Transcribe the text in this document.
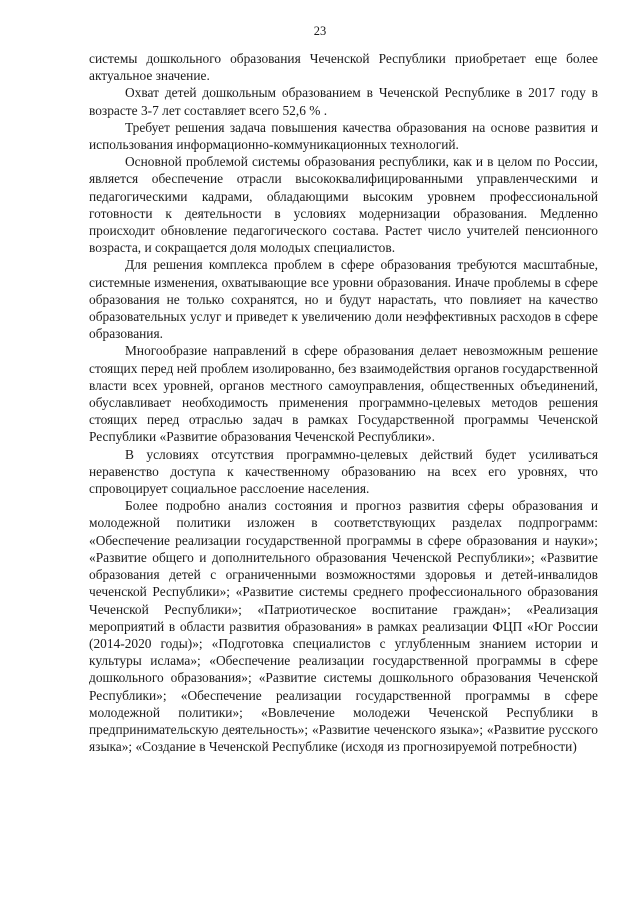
23

системы дошкольного образования Чеченской Республики приобретает еще более актуальное значение.

Охват детей дошкольным образованием в Чеченской Республике в 2017 году в возрасте 3-7 лет составляет всего 52,6 % .

Требует решения задача повышения качества образования на основе развития и использования информационно-коммуникационных технологий.

Основной проблемой системы образования республики, как и в целом по России, является обеспечение отрасли высококвалифицированными управленческими и педагогическими кадрами, обладающими высоким уровнем профессиональной готовности к деятельности в условиях модернизации образования. Медленно происходит обновление педагогического состава. Растет число учителей пенсионного возраста, и сокращается доля молодых специалистов.

Для решения комплекса проблем в сфере образования требуются масштабные, системные изменения, охватывающие все уровни образования. Иначе проблемы в сфере образования не только сохранятся, но и будут нарастать, что повлияет на качество образовательных услуг и приведет к увеличению доли неэффективных расходов в сфере образования.

Многообразие направлений в сфере образования делает невозможным решение стоящих перед ней проблем изолированно, без взаимодействия органов государственной власти всех уровней, органов местного самоуправления, общественных объединений, обуславливает необходимость применения программно-целевых методов решения стоящих перед отраслью задач в рамках Государственной программы Чеченской Республики «Развитие образования Чеченской Республики».

В условиях отсутствия программно-целевых действий будет усиливаться неравенство доступа к качественному образованию на всех его уровнях, что спровоцирует социальное расслоение населения.

Более подробно анализ состояния и прогноз развития сферы образования и молодежной политики изложен в соответствующих разделах подпрограмм: «Обеспечение реализации государственной программы в сфере образования и науки»; «Развитие общего и дополнительного образования Чеченской Республики»; «Развитие образования детей с ограниченными возможностями здоровья и детей-инвалидов чеченской Республики»; «Развитие системы среднего профессионального образования Чеченской Республики»; «Патриотическое воспитание граждан»; «Реализация мероприятий в области развития образования» в рамках реализации ФЦП «Юг России (2014-2020 годы)»; «Подготовка специалистов с углубленным знанием истории и культуры ислама»; «Обеспечение реализации государственной программы в сфере дошкольного образования»; «Развитие системы дошкольного образования Чеченской Республики»; «Обеспечение реализации государственной программы в сфере молодежной политики»; «Вовлечение молодежи Чеченской Республики в предпринимательскую деятельность»; «Развитие чеченского языка»; «Развитие русского языка»; «Создание в Чеченской Республике (исходя из прогнозируемой потребности)
